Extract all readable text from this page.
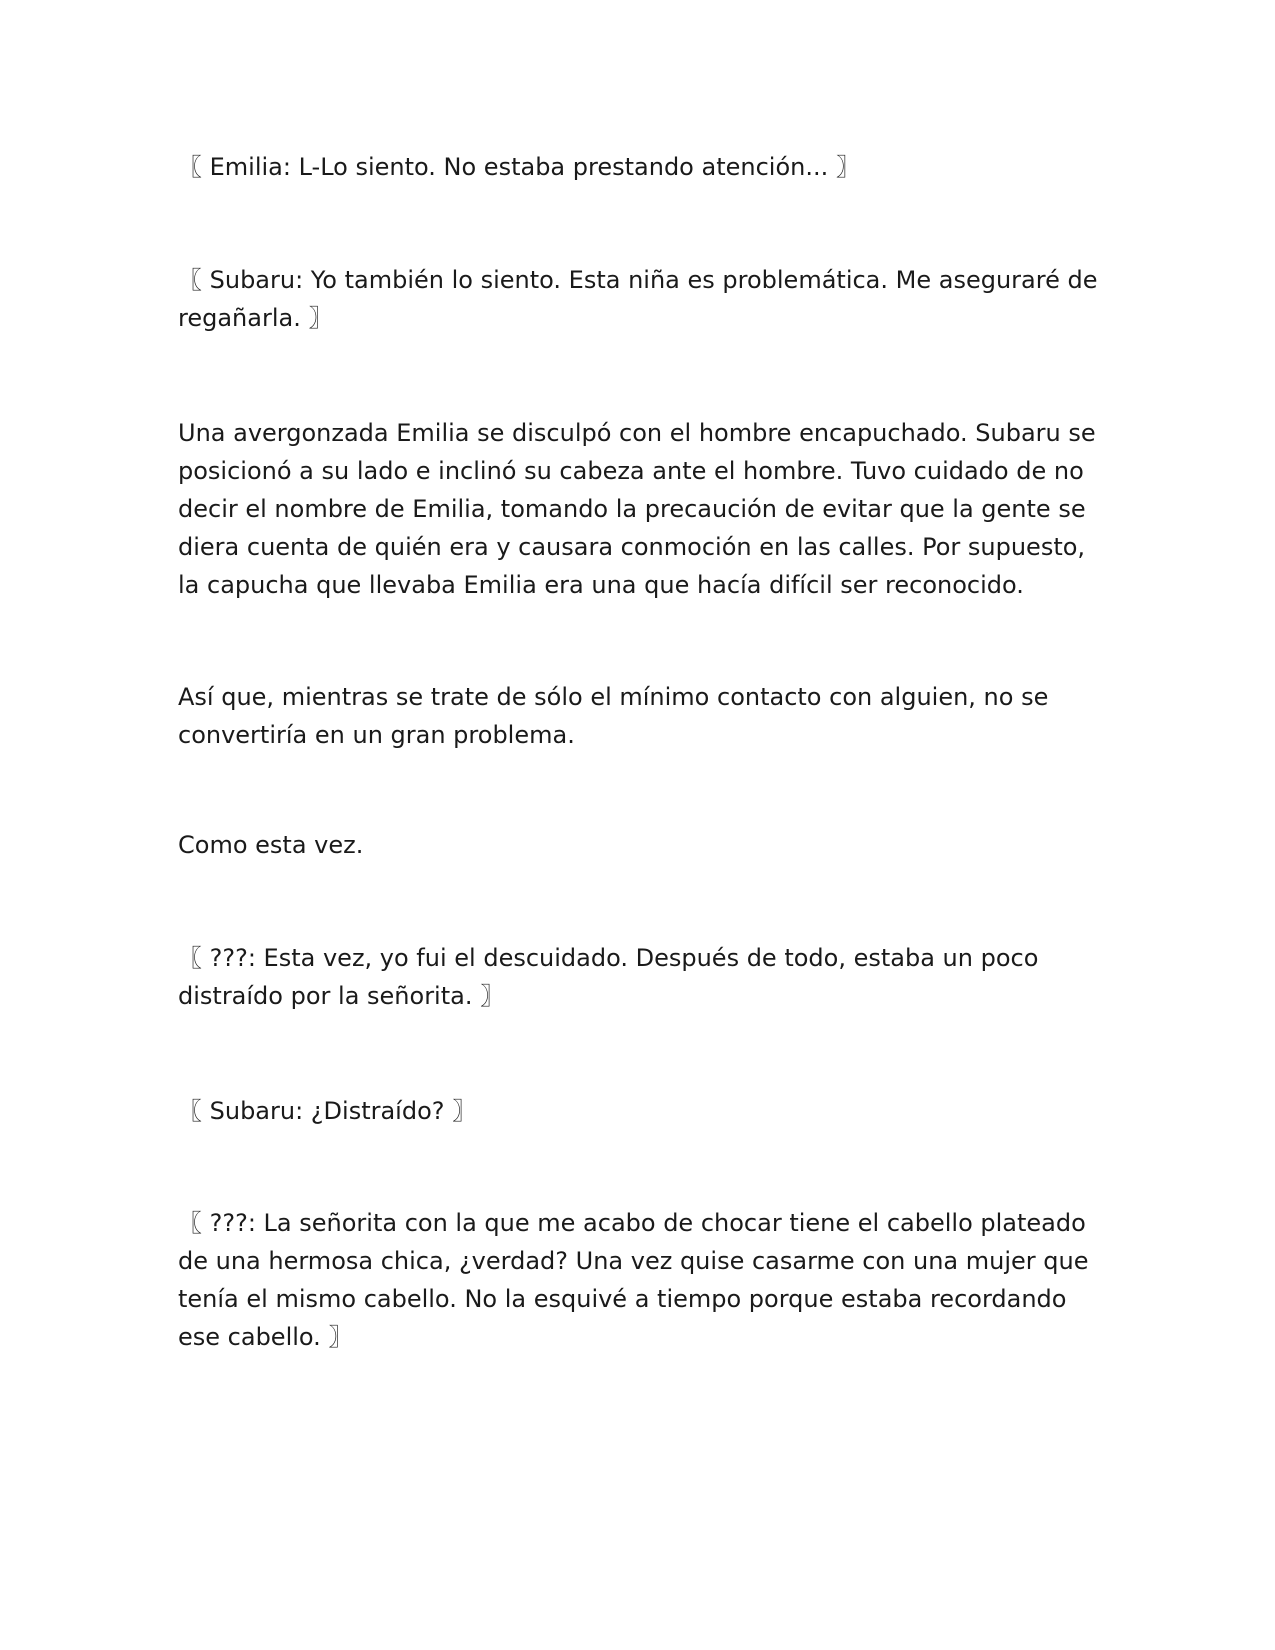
〖 Emilia: L-Lo siento. No estaba prestando atención... 〗

〖 Subaru: Yo también lo siento. Esta niña es problemática. Me aseguraré de regañarla. 〗

Una avergonzada Emilia se disculpó con el hombre encapuchado. Subaru se posicionó a su lado e inclinó su cabeza ante el hombre. Tuvo cuidado de no decir el nombre de Emilia, tomando la precaución de evitar que la gente se diera cuenta de quién era y causara conmoción en las calles. Por supuesto, la capucha que llevaba Emilia era una que hacía difícil ser reconocido.

Así que, mientras se trate de sólo el mínimo contacto con alguien, no se convertiría en un gran problema.

Como esta vez.

〖 ???: Esta vez, yo fui el descuidado. Después de todo, estaba un poco distraído por la señorita. 〗

〖 Subaru: ¿Distraído? 〗

〖 ???: La señorita con la que me acabo de chocar tiene el cabello plateado de una hermosa chica, ¿verdad? Una vez quise casarme con una mujer que tenía el mismo cabello. No la esquivé a tiempo porque estaba recordando ese cabello. 〗
